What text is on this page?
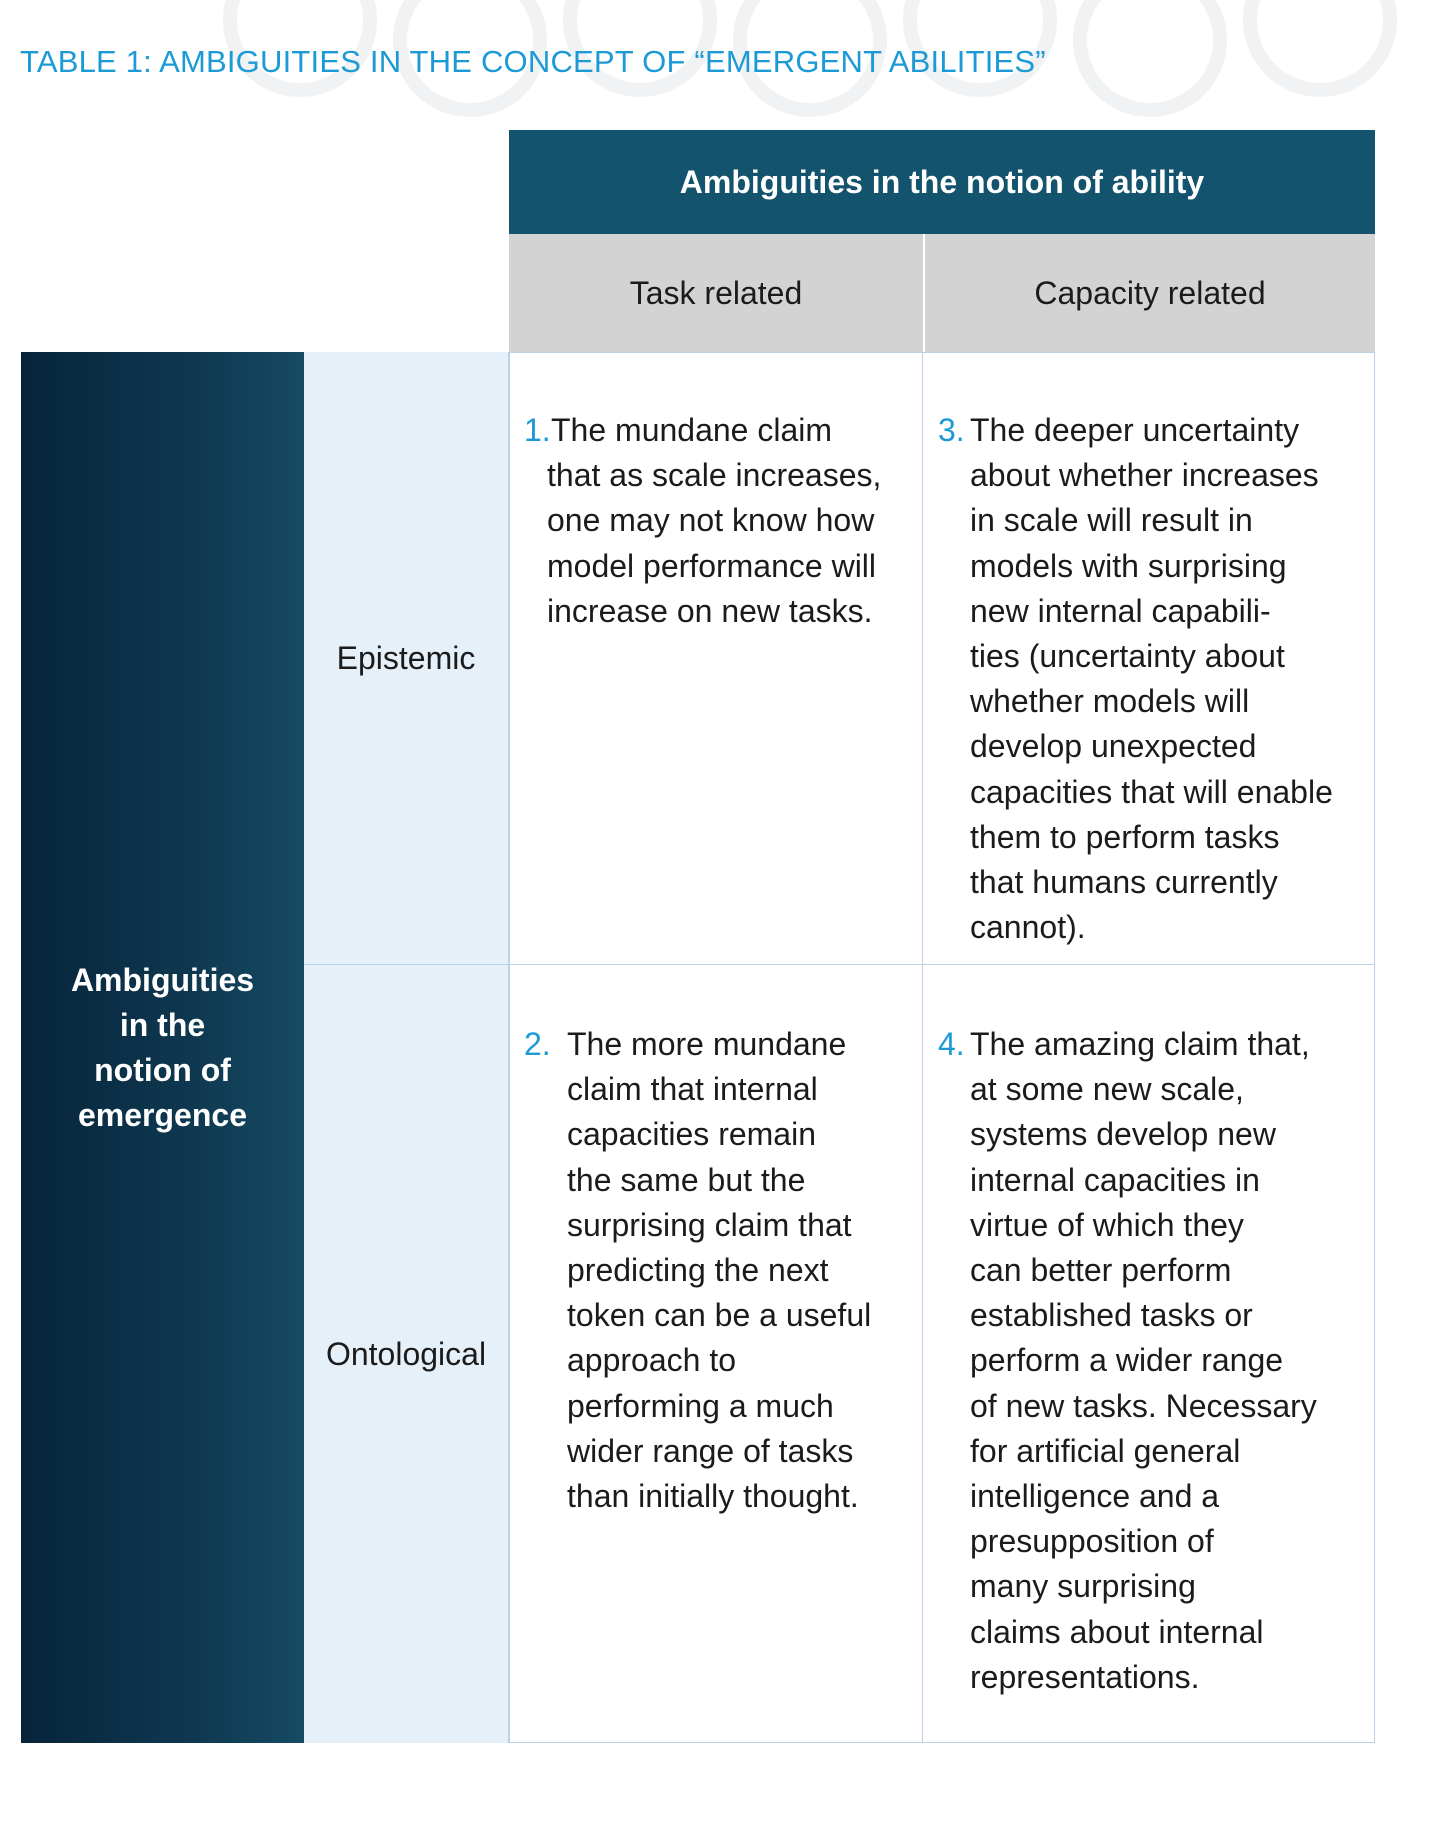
TABLE 1: AMBIGUITIES IN THE CONCEPT OF “EMERGENT ABILITIES”
Ambiguities in the notion of ability
Task related	Capacity related
Ambiguities
in the
notion of
emergence
Epistemic
Ontological
1. The mundane claim
that as scale increases,
one may not know how
model performance will
increase on new tasks.
3. The deeper uncertainty
about whether increases
in scale will result in
models with surprising
new internal capabili-
ties (uncertainty about
whether models will
develop unexpected
capacities that will enable
them to perform tasks
that humans currently
cannot).
2. The more mundane
claim that internal
capacities remain
the same but the
surprising claim that
predicting the next
token can be a useful
approach to
performing a much
wider range of tasks
than initially thought.
4. The amazing claim that,
at some new scale,
systems develop new
internal capacities in
virtue of which they
can better perform
established tasks or
perform a wider range
of new tasks. Necessary
for artificial general
intelligence and a
presupposition of
many surprising
claims about internal
representations.
